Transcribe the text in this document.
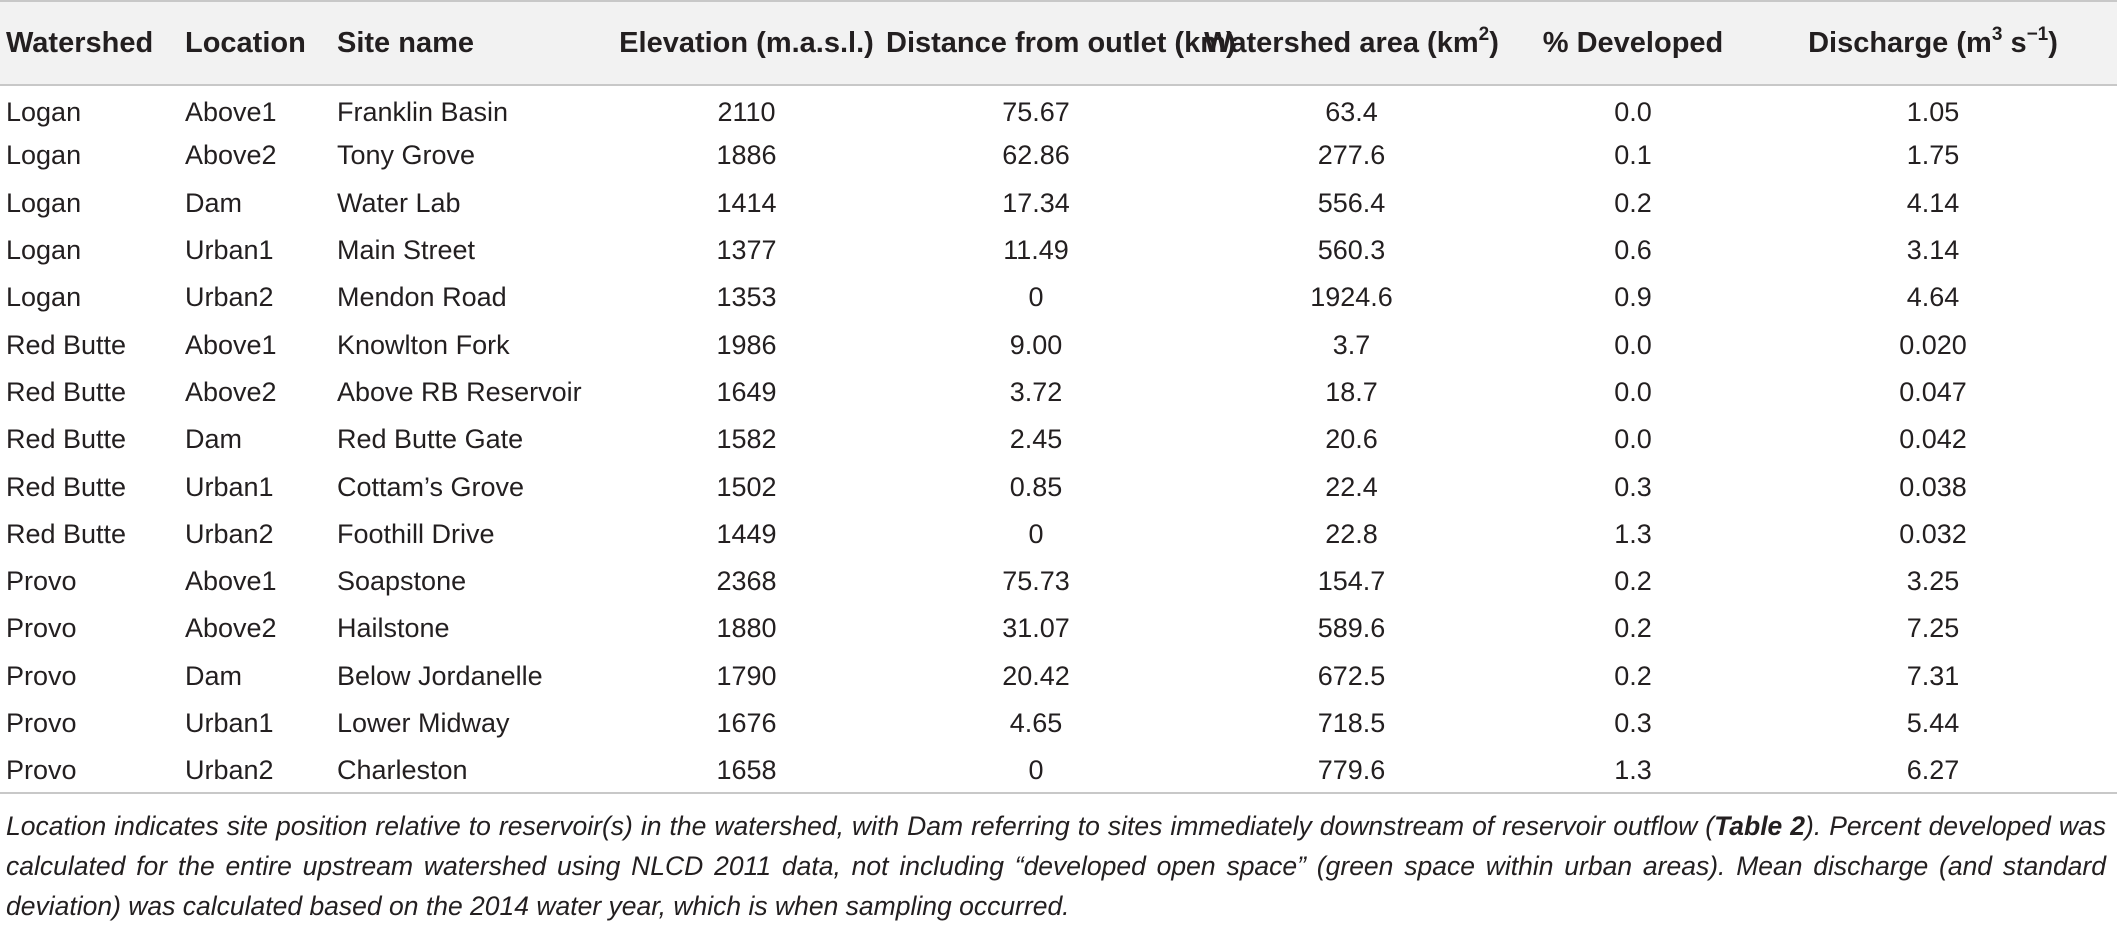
Watershed	Location	Site name	Elevation (m.a.s.l.)	Distance from outlet (km)	Watershed area $(km^2)$	% Developed	Discharge ($m^3$ $s^{-1}$)
Logan	Above1	Franklin Basin	2110	75.67	63.4	0.0	1.05
Logan	Above2	Tony Grove	1886	62.86	277.6	0.1	1.75
Logan	Dam	Water Lab	1414	17.34	556.4	0.2	4.14
Logan	Urban1	Main Street	1377	11.49	560.3	0.6	3.14
Logan	Urban2	Mendon Road	1353	0	1924.6	0.9	4.64
Red Butte	Above1	Knowlton Fork	1986	9.00	3.7	0.0	0.020
Red Butte	Above2	Above RB Reservoir	1649	3.72	18.7	0.0	0.047
Red Butte	Dam	Red Butte Gate	1582	2.45	20.6	0.0	0.042
Red Butte	Urban1	Cottam’s Grove	1502	0.85	22.4	0.3	0.038
Red Butte	Urban2	Foothill Drive	1449	0	22.8	1.3	0.032
Provo	Above1	Soapstone	2368	75.73	154.7	0.2	3.25
Provo	Above2	Hailstone	1880	31.07	589.6	0.2	7.25
Provo	Dam	Below Jordanelle	1790	20.42	672.5	0.2	7.31
Provo	Urban1	Lower Midway	1676	4.65	718.5	0.3	5.44
Provo	Urban2	Charleston	1658	0	779.6	1.3	6.27
Location indicates site position relative to reservoir(s) in the watershed, with Dam referring to sites immediately downstream of reservoir outflow (Table 2). Percent developed was calculated for the entire upstream watershed using NLCD 2011 data, not including “developed open space” (green space within urban areas). Mean discharge (and standard deviation) was calculated based on the 2014 water year, which is when sampling occurred.
